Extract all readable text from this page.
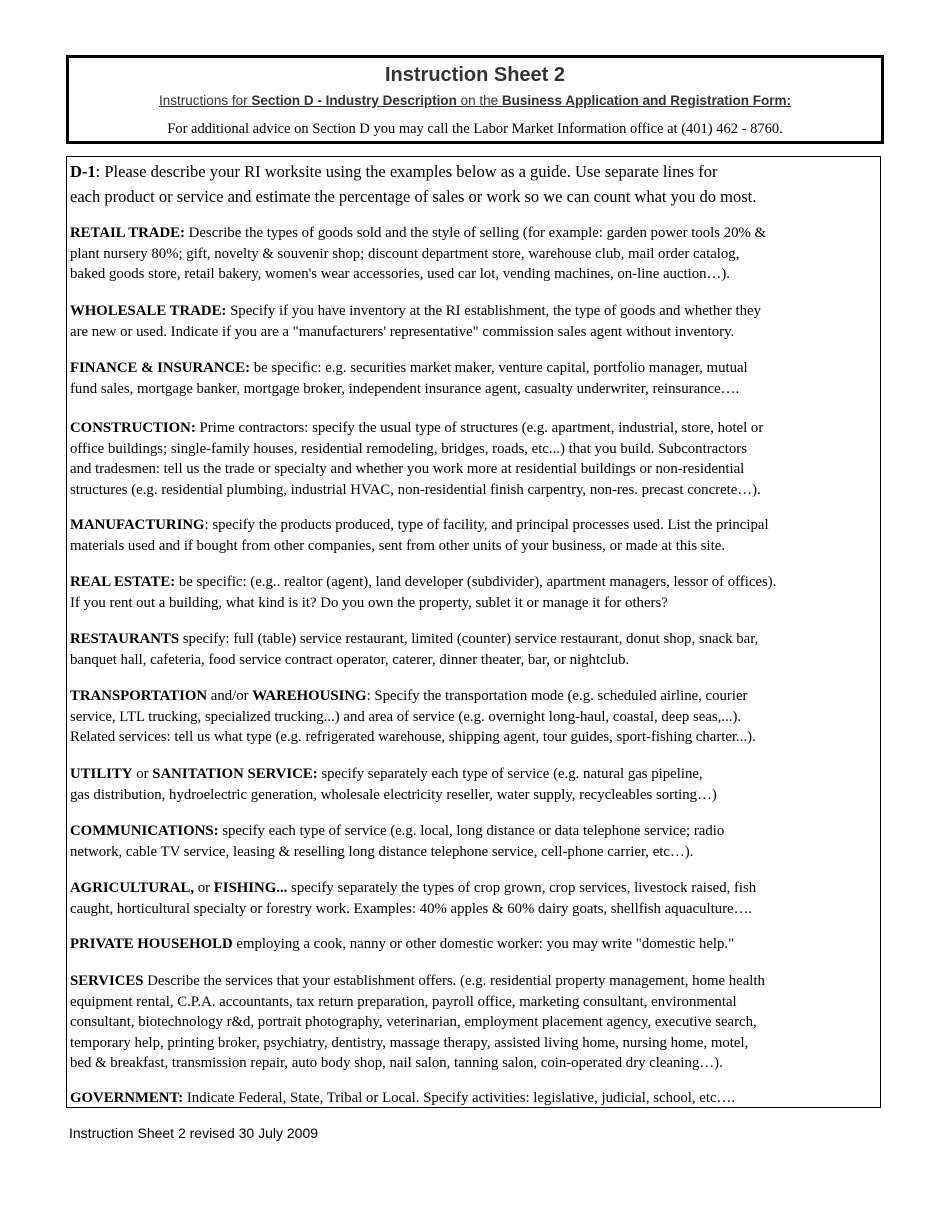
Instruction Sheet 2
Instructions for Section D - Industry Description on the Business Application and Registration Form:
For additional advice on Section D you may call the Labor Market Information office at (401) 462 - 8760.
D-1: Please describe your RI worksite using the examples below as a guide. Use separate lines for
each product or service and estimate the percentage of sales or work so we can count what you do most.
RETAIL TRADE: Describe the types of goods sold and the style of selling (for example: garden power tools 20% &
plant nursery 80%; gift, novelty & souvenir shop; discount department store, warehouse club, mail order catalog,
baked goods store, retail bakery, women's wear accessories, used car lot, vending machines, on-line auction…).
WHOLESALE TRADE: Specify if you have inventory at the RI establishment, the type of goods and whether they
are new or used. Indicate if you are a "manufacturers' representative" commission sales agent without inventory.
FINANCE & INSURANCE: be specific: e.g. securities market maker, venture capital, portfolio manager, mutual
fund sales, mortgage banker, mortgage broker, independent insurance agent, casualty underwriter, reinsurance….
CONSTRUCTION: Prime contractors: specify the usual type of structures (e.g. apartment, industrial, store, hotel or
office buildings; single-family houses, residential remodeling, bridges, roads, etc...) that you build. Subcontractors
and tradesmen: tell us the trade or specialty and whether you work more at residential buildings or non-residential
structures (e.g. residential plumbing, industrial HVAC, non-residential finish carpentry, non-res. precast concrete…).
MANUFACTURING: specify the products produced, type of facility, and principal processes used. List the principal
materials used and if bought from other companies, sent from other units of your business, or made at this site.
REAL ESTATE: be specific: (e.g.. realtor (agent), land developer (subdivider), apartment managers, lessor of offices).
If you rent out a building, what kind is it? Do you own the property, sublet it or manage it for others?
RESTAURANTS specify: full (table) service restaurant, limited (counter) service restaurant, donut shop, snack bar,
banquet hall, cafeteria, food service contract operator, caterer, dinner theater, bar, or nightclub.
TRANSPORTATION and/or WAREHOUSING: Specify the transportation mode (e.g. scheduled airline, courier
service, LTL trucking, specialized trucking...) and area of service (e.g. overnight long-haul, coastal, deep seas,...).
Related services: tell us what type (e.g. refrigerated warehouse, shipping agent, tour guides, sport-fishing charter...).
UTILITY or SANITATION SERVICE: specify separately each type of service (e.g. natural gas pipeline,
gas distribution, hydroelectric generation, wholesale electricity reseller, water supply, recycleables sorting…)
COMMUNICATIONS: specify each type of service (e.g. local, long distance or data telephone service; radio
network, cable TV service, leasing & reselling long distance telephone service, cell-phone carrier, etc…).
AGRICULTURAL, or FISHING... specify separately the types of crop grown, crop services, livestock raised, fish
caught, horticultural specialty or forestry work. Examples: 40% apples & 60% dairy goats, shellfish aquaculture….
PRIVATE HOUSEHOLD employing a cook, nanny or other domestic worker: you may write "domestic help."
SERVICES Describe the services that your establishment offers. (e.g. residential property management, home health
equipment rental, C.P.A. accountants, tax return preparation, payroll office, marketing consultant, environmental
consultant, biotechnology r&d, portrait photography, veterinarian, employment placement agency, executive search,
temporary help, printing broker, psychiatry, dentistry, massage therapy, assisted living home, nursing home, motel,
bed & breakfast, transmission repair, auto body shop, nail salon, tanning salon, coin-operated dry cleaning…).
GOVERNMENT: Indicate Federal, State, Tribal or Local. Specify activities: legislative, judicial, school, etc….
Instruction Sheet 2 revised 30 July 2009
